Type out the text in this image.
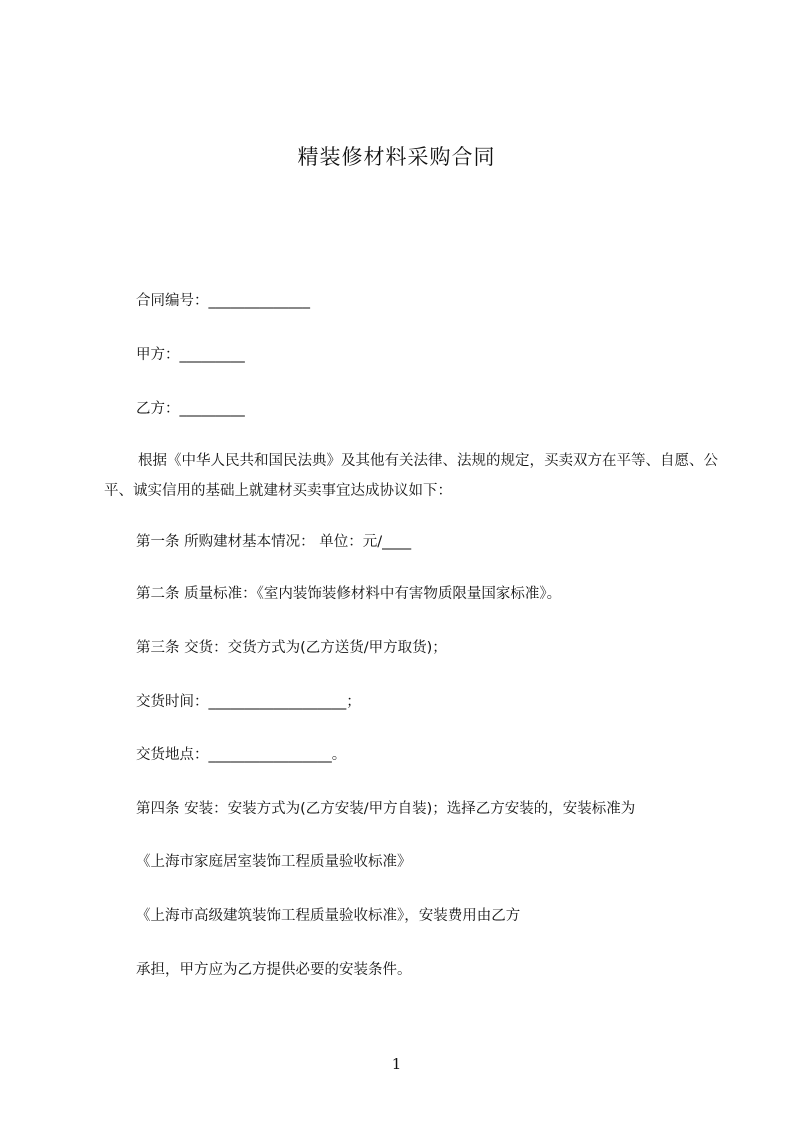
精装修材料采购合同
合同编号：______________
甲方：_________
乙方：_________
根据《中华人民共和国民法典》及其他有关法律、法规的规定，买卖双方在平等、自愿、公平、诚实信用的基础上就建材买卖事宜达成协议如下：
第一条 所购建材基本情况： 单位：元/____
第二条 质量标准：《室内装饰装修材料中有害物质限量国家标准》。
第三条 交货：交货方式为(乙方送货/甲方取货)；
交货时间：___________________；
交货地点：_________________。
第四条 安装：安装方式为(乙方安装/甲方自装)；选择乙方安装的，安装标准为
《上海市家庭居室装饰工程质量验收标准》
《上海市高级建筑装饰工程质量验收标准》，安装费用由乙方
承担，甲方应为乙方提供必要的安装条件。
1
